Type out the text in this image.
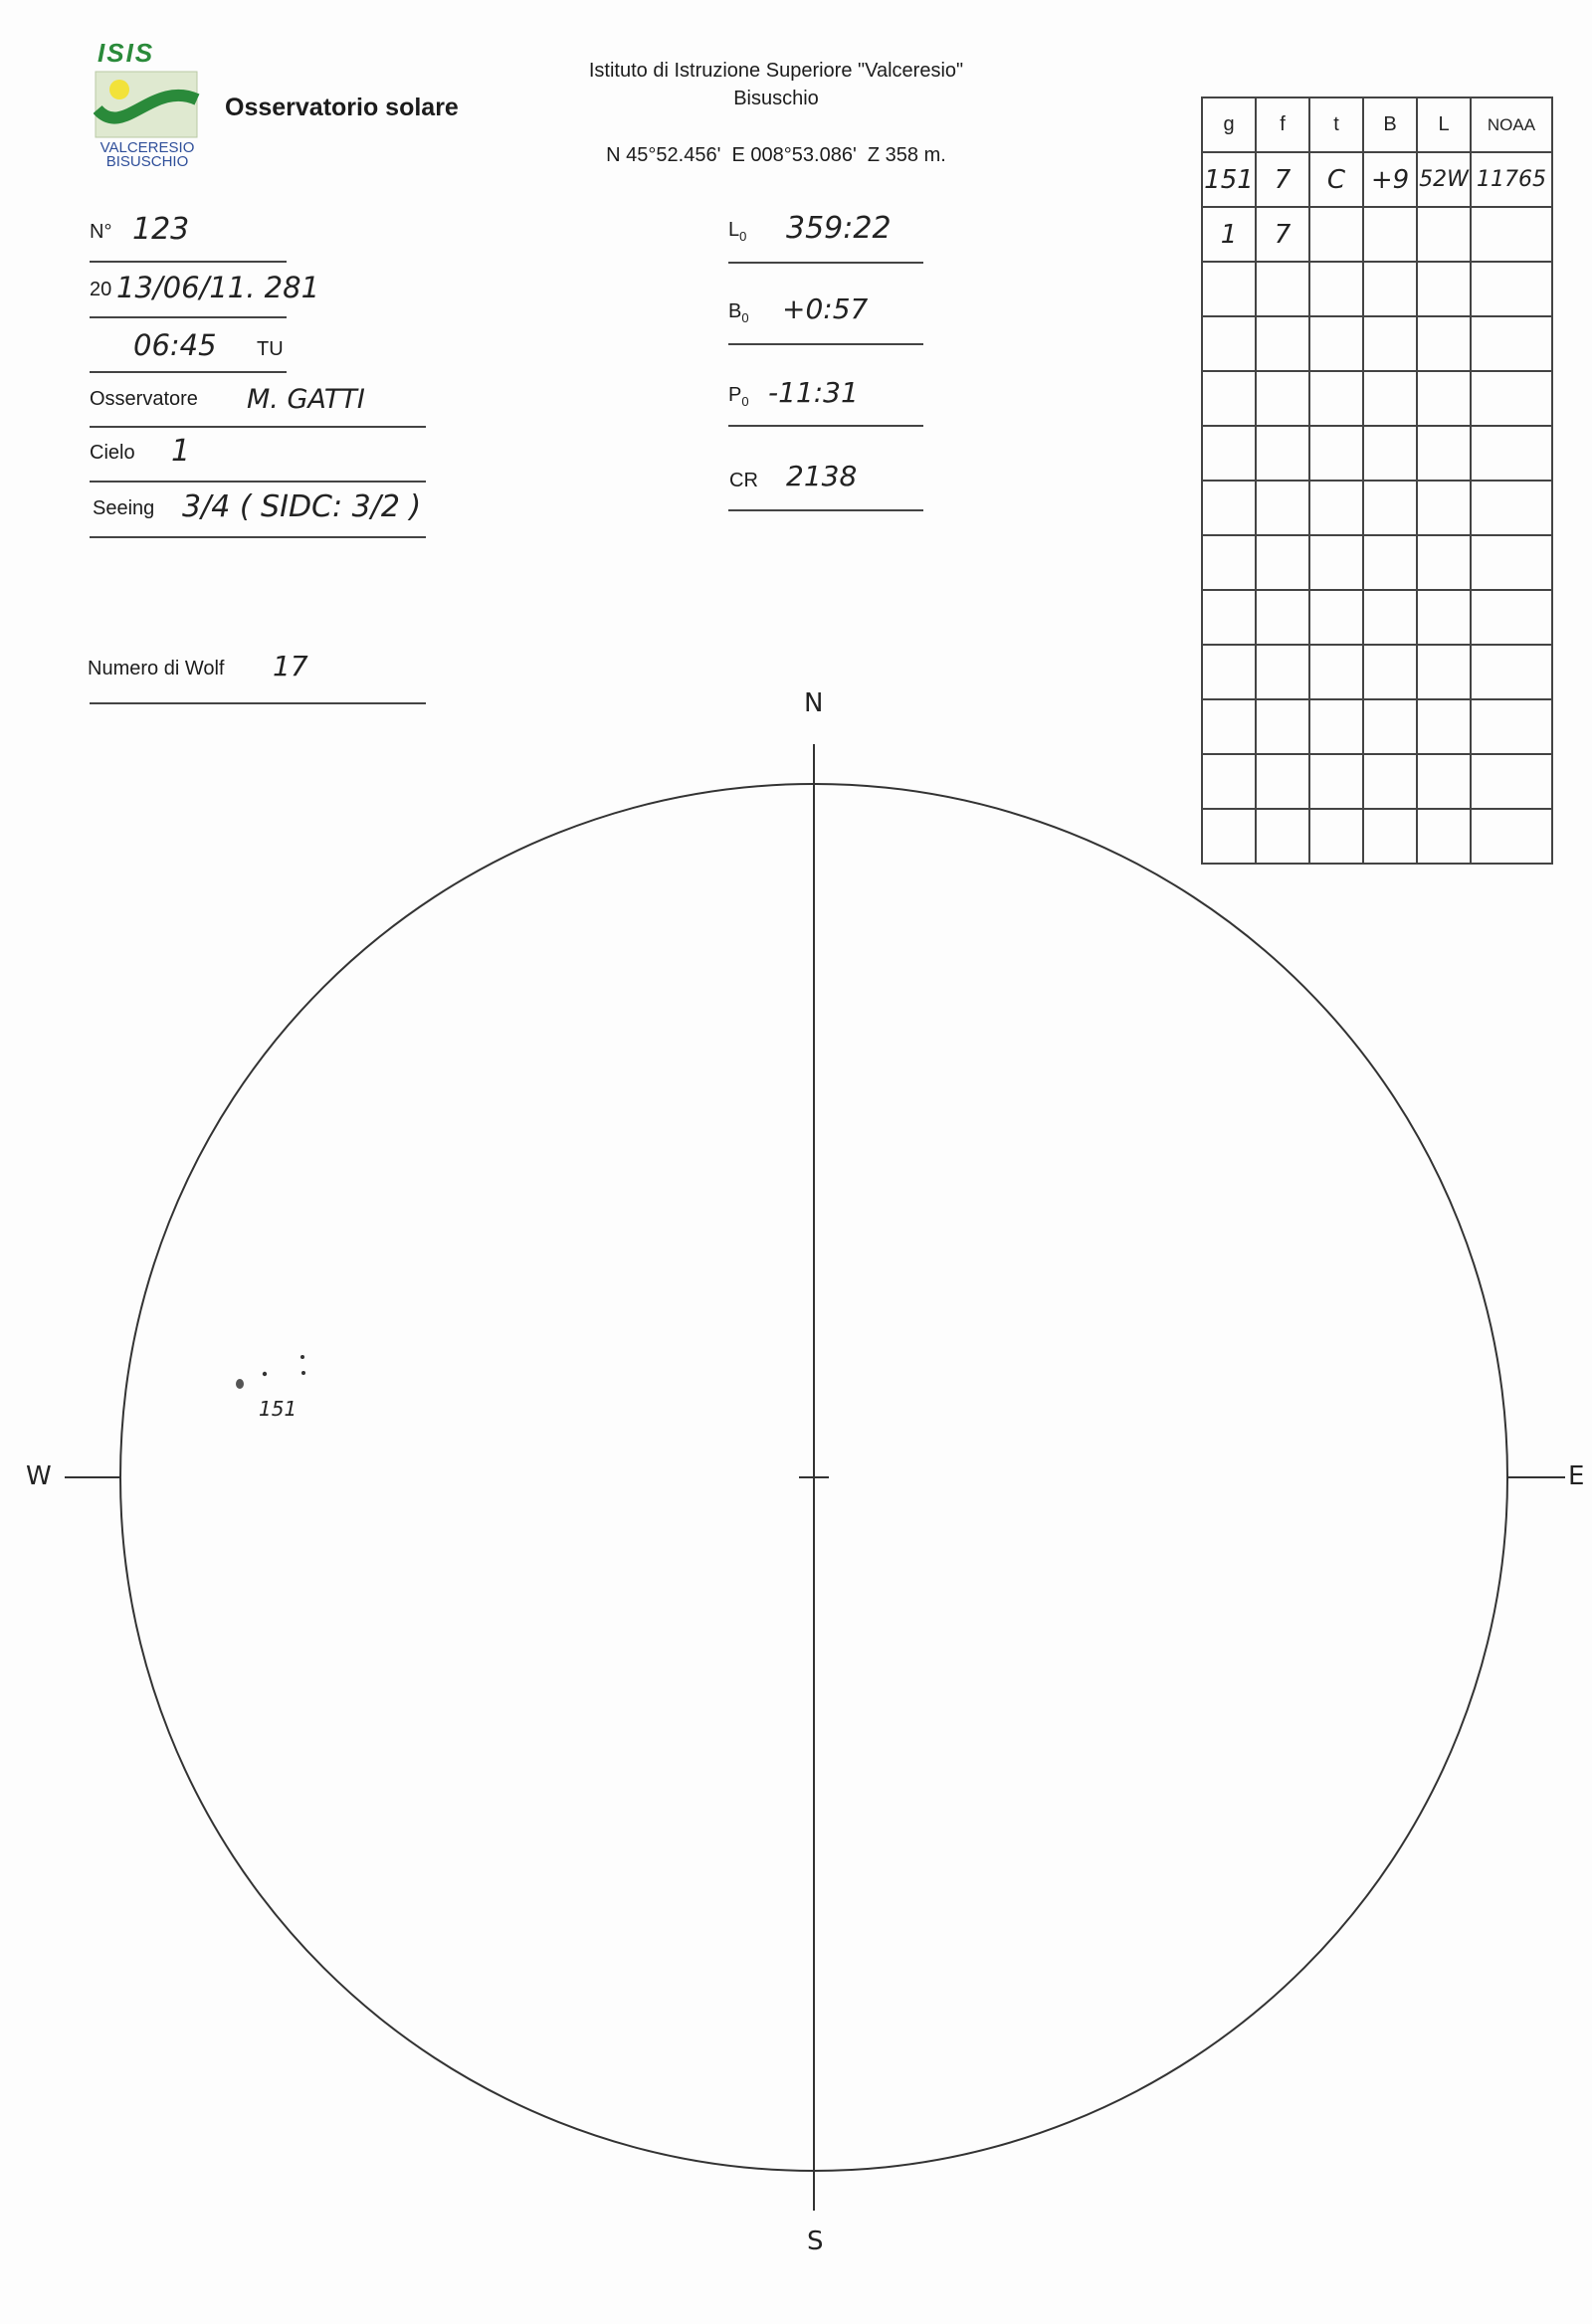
ISIS
VALCERESIO
BISUSCHIO
Osservatorio solare
Istituto di Istruzione Superiore "Valceresio"
Bisuschio
N 45°52.456'  E 008°53.086'  Z 358 m.
N° 123
20 13/06/11. 281
06:45 TU
Osservatore M. GATTI
Cielo 1
Seeing 3/4 ( SIDC: 3/2 )
Numero di Wolf 17
$L_0$ 359:22
$B_0$ +0:57
$P_0$ -11:31
CR 2138
g	f	t	B	L	NOAA
151	7	C	+9	52W	11765
1	7				

N
S
E
W
151
